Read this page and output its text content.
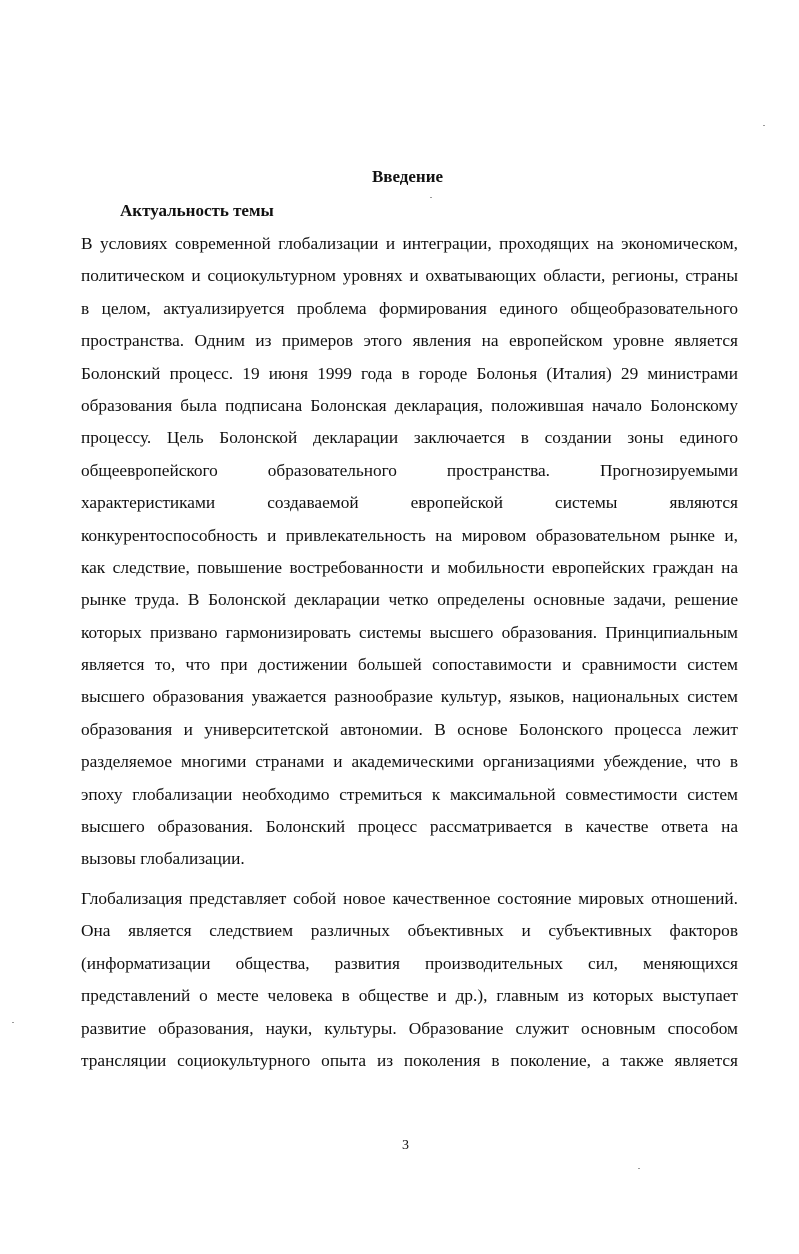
Введение
Актуальность темы
В условиях современной глобализации и интеграции, проходящих на экономическом,
политическом и социокультурном уровнях и охватывающих области, регионы, страны
в целом, актуализируется проблема формирования единого общеобразовательного
пространства. Одним из примеров этого явления на европейском уровне является
Болонский процесс. 19 июня 1999 года в городе Болонья (Италия) 29 министрами
образования была подписана Болонская декларация, положившая начало Болонскому
процессу. Цель Болонской декларации заключается в создании зоны единого
общеевропейского образовательного пространства. Прогнозируемыми
характеристиками создаваемой европейской системы являются
конкурентоспособность и привлекательность на мировом образовательном рынке и,
как следствие, повышение востребованности и мобильности европейских граждан на
рынке труда. В Болонской декларации четко определены основные задачи, решение
которых призвано гармонизировать системы высшего образования. Принципиальным
является то, что при достижении большей сопоставимости и сравнимости систем
высшего образования уважается разнообразие культур, языков, национальных систем
образования и университетской автономии. В основе Болонского процесса лежит
разделяемое многими странами и академическими организациями убеждение, что в
эпоху глобализации необходимо стремиться к максимальной совместимости систем
высшего образования. Болонский процесс рассматривается в качестве ответа на
вызовы глобализации.
Глобализация представляет собой новое качественное состояние мировых отношений.
Она является следствием различных объективных и субъективных факторов
(информатизации общества, развития производительных сил, меняющихся
представлений о месте человека в обществе и др.), главным из которых выступает
развитие образования, науки, культуры. Образование служит основным способом
трансляции социокультурного опыта из поколения в поколение, а также является
3
